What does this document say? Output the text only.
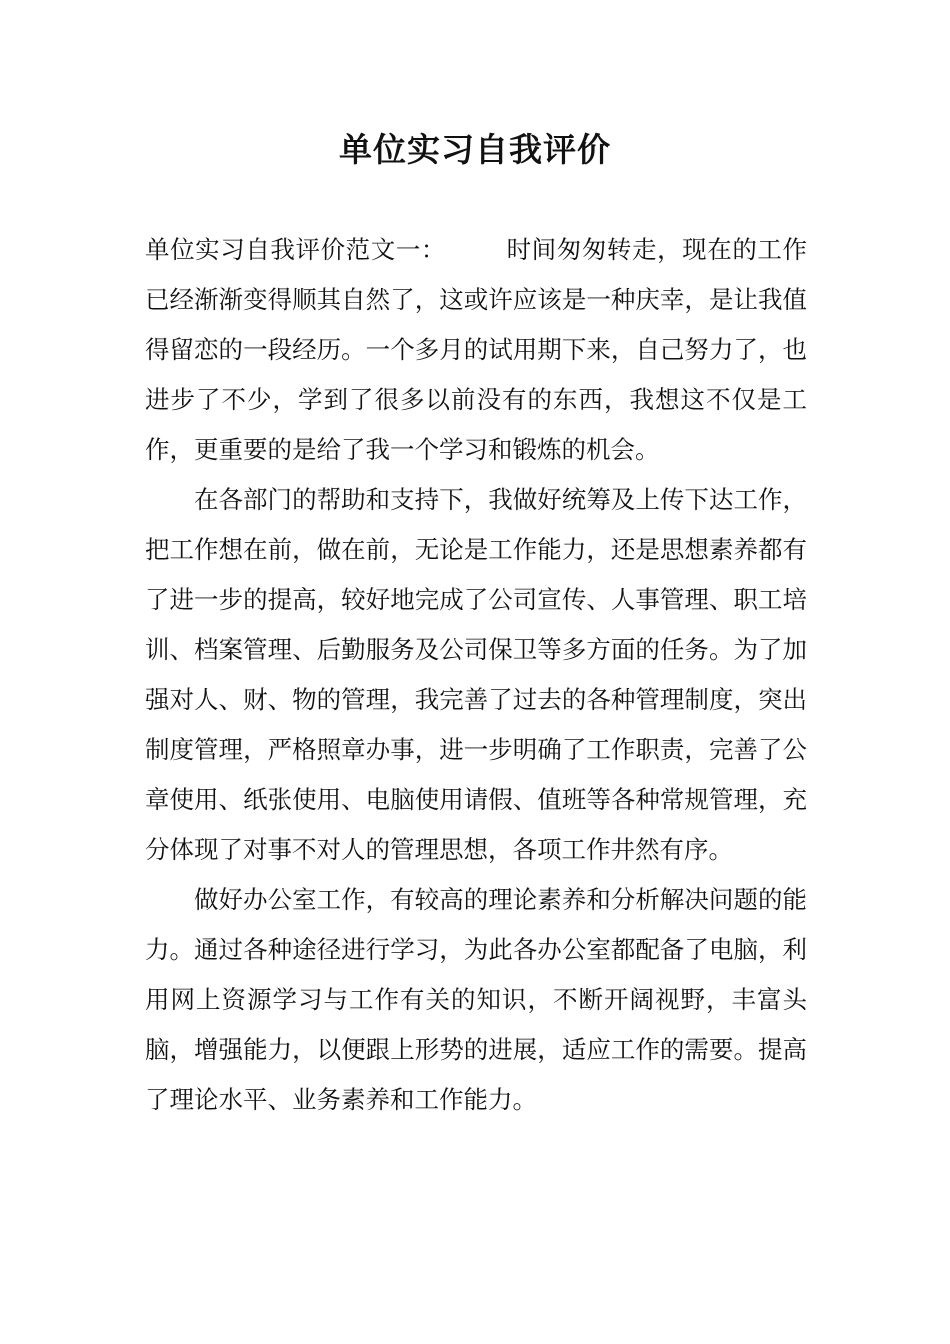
单位实习自我评价

单位实习自我评价范文一： 时间匆匆转走，现在的工作已经渐渐变得顺其自然了，这或许应该是一种庆幸，是让我值得留恋的一段经历。一个多月的试用期下来，自己努力了，也进步了不少，学到了很多以前没有的东西，我想这不仅是工作，更重要的是给了我一个学习和锻炼的机会。

在各部门的帮助和支持下，我做好统筹及上传下达工作，把工作想在前，做在前，无论是工作能力，还是思想素养都有了进一步的提高，较好地完成了公司宣传、人事管理、职工培训、档案管理、后勤服务及公司保卫等多方面的任务。为了加强对人、财、物的管理，我完善了过去的各种管理制度，突出制度管理，严格照章办事，进一步明确了工作职责，完善了公章使用、纸张使用、电脑使用请假、值班等各种常规管理，充分体现了对事不对人的管理思想，各项工作井然有序。

做好办公室工作，有较高的理论素养和分析解决问题的能力。通过各种途径进行学习，为此各办公室都配备了电脑，利用网上资源学习与工作有关的知识，不断开阔视野，丰富头脑，增强能力，以便跟上形势的进展，适应工作的需要。提高了理论水平、业务素养和工作能力。
